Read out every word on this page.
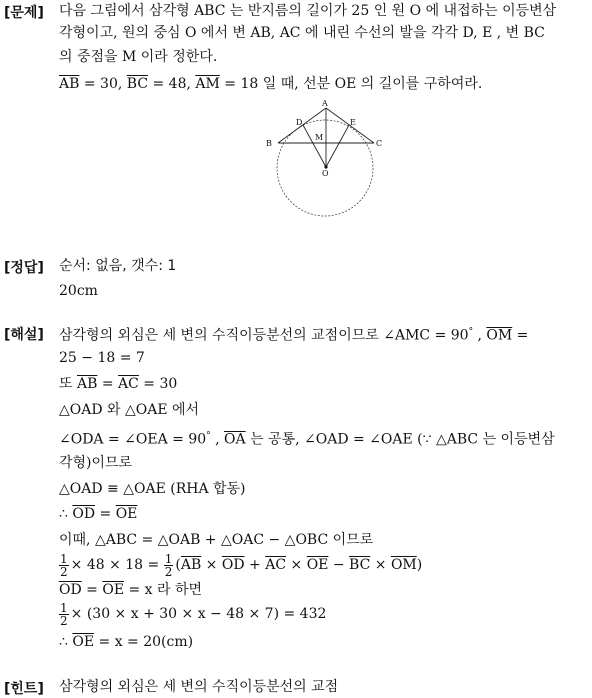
[문제] 다음 그림에서 삼각형 ABC 는 반지름의 길이가 25 인 원 O 에 내접하는 이등변삼
각형이고, 원의 중심 O 에서 변 AB, AC 에 내린 수선의 발을 각각 D, E , 변 BC
의 중점을 M 이라 정한다.
$\overline{AB} = 30$, $\overline{BC} = 48$, $\overline{AM} = 18$ 일 때, 선분 OE 의 길이를 구하여라.
A
B	C
D	E
M
O
[정답] 순서: 없음, 갯수: 1
20cm
[해설] 삼각형의 외심은 세 변의 수직이등분선의 교점이므로 ∠AMC = 90° , $\overline{OM}$ =
25 − 18 = 7
또 $\overline{AB} = \overline{AC} = 30$
△OAD 와 △OAE 에서
∠ODA = ∠OEA = 90° , $\overline{OA}$ 는 공통, ∠OAD = ∠OAE (∵ △ABC 는 이등변삼
각형)이므로
△OAD ≡ △OAE (RHA 합동)
∴ $\overline{OD} = \overline{OE}$
이때, △ABC = △OAB + △OAC − △OBC 이므로
$\frac{1}{2} \times 48 \times 18 = \frac{1}{2} (\overline{AB} \times \overline{OD} + \overline{AC} \times \overline{OE} - \overline{BC} \times \overline{OM})$
$\overline{OD} = \overline{OE} = x$ 라 하면
$\frac{1}{2} \times (30 \times x + 30 \times x - 48 \times 7) = 432$
∴ $\overline{OE} = x = 20(cm)$
[힌트] 삼각형의 외심은 세 변의 수직이등분선의 교점
